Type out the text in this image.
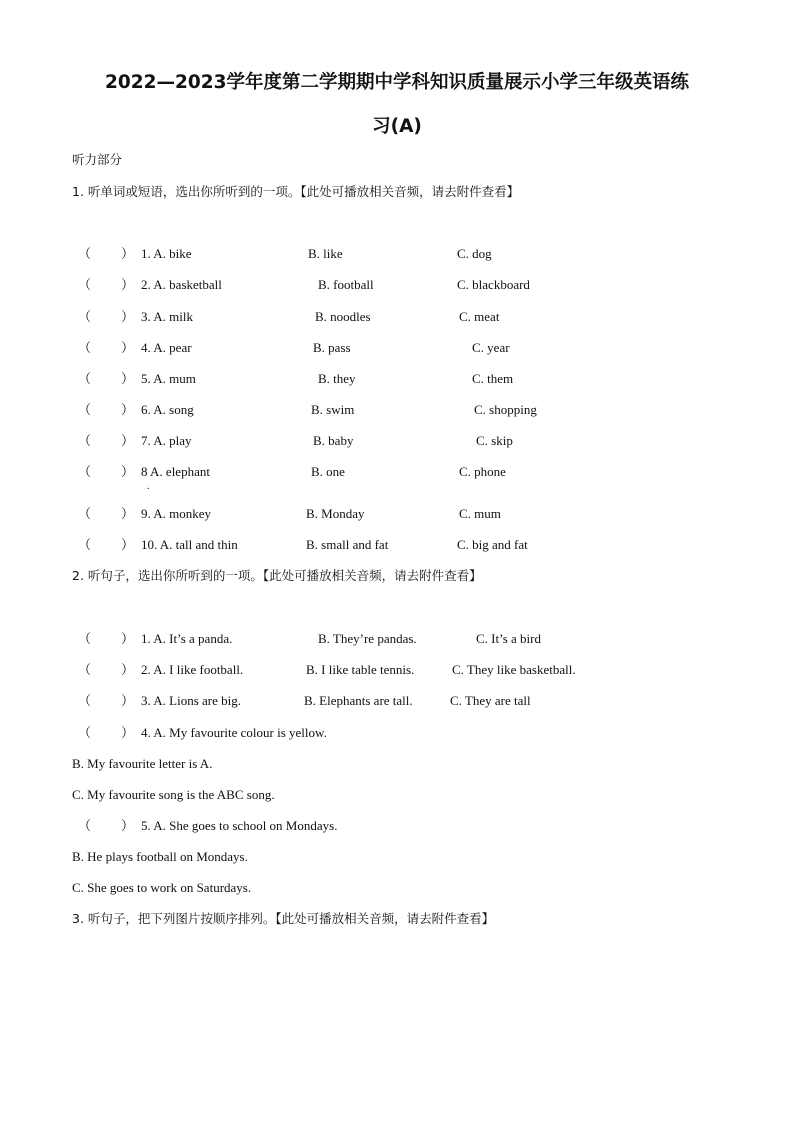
2022—2023学年度第二学期期中学科知识质量展示小学三年级英语练
习(A)
听力部分
1. 听单词或短语，选出你所听到的一项。【此处可播放相关音频，请去附件查看】
（ ） 1. A. bike	B. like	C. dog
（ ） 2. A. basketball	B. football	C. blackboard
（ ） 3. A. milk	B. noodles	C. meat
（ ） 4. A. pear	B. pass	C. year
（ ） 5. A. mum	B. they	C. them
（ ） 6. A. song	B. swim	C. shopping
（ ） 7. A. play	B. baby	C. skip
（ ） 8 A. elephant	B. one	C. phone
.
（ ） 9. A. monkey	B. Monday	C. mum
（ ） 10. A. tall and thin	B. small and fat	C. big and fat
2. 听句子，选出你所听到的一项。【此处可播放相关音频，请去附件查看】
（ ） 1. A. It’s a panda.	B. They’re pandas.	C. It’s a bird
（ ） 2. A. I like football.	B. I like table tennis.	C. They like basketball.
（ ） 3. A. Lions are big.	B. Elephants are tall.	C. They are tall
（ ） 4. A. My favourite colour is yellow.
B. My favourite letter is A.
C. My favourite song is the ABC song.
（ ） 5. A. She goes to school on Mondays.
B. He plays football on Mondays.
C. She goes to work on Saturdays.
3. 听句子，把下列图片按顺序排列。【此处可播放相关音频，请去附件查看】
